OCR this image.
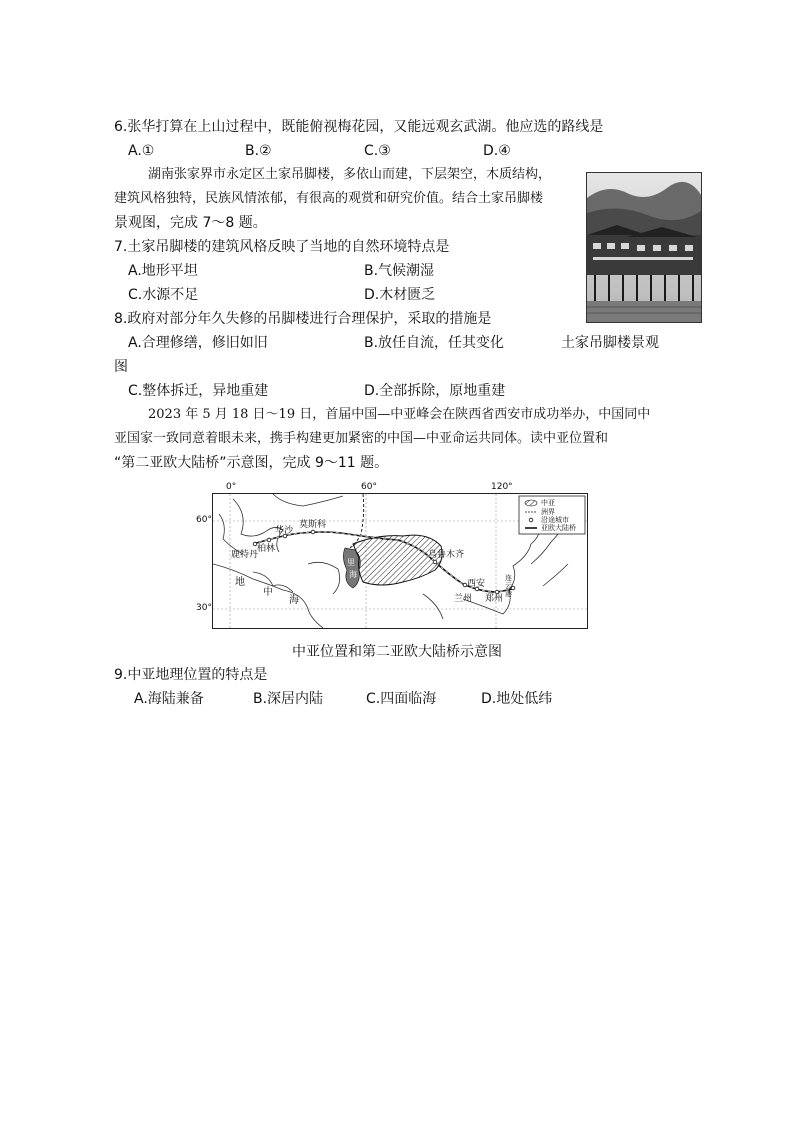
6.张华打算在上山过程中，既能俯视梅花园，又能远观玄武湖。他应选的路线是
A.①	B.②	C.③	D.④
湖南张家界市永定区土家吊脚楼，多依山而建，下层架空，木质结构，
建筑风格独特，民族风情浓郁，有很高的观赏和研究价值。结合土家吊脚楼
景观图，完成 7～8 题。
7.土家吊脚楼的建筑风格反映了当地的自然环境特点是
A.地形平坦	B.气候潮湿
C.水源不足	D.木材匮乏
8.政府对部分年久失修的吊脚楼进行合理保护，采取的措施是
A.合理修缮，修旧如旧	B.放任自流，任其变化	土家吊脚楼景观
图
C.整体拆迁，异地重建	D.全部拆除，原地重建
2023 年 5 月 18 日～19 日，首届中国—中亚峰会在陕西省西安市成功举办，中国同中
亚国家一致同意着眼未来，携手构建更加紧密的中国—中亚命运共同体。读中亚位置和
“第二亚欧大陆桥”示意图，完成 9～11 题。
0°	60°	120°
60°
30°
中亚
洲界
沿途城市
亚欧大陆桥
鹿特丹
柏林
华沙
莫斯科
乌鲁木齐
西安
兰州 郑州
连云港
地
中
海
里
海
中亚位置和第二亚欧大陆桥示意图
9.中亚地理位置的特点是
A.海陆兼备	B.深居内陆	C.四面临海	D.地处低纬
